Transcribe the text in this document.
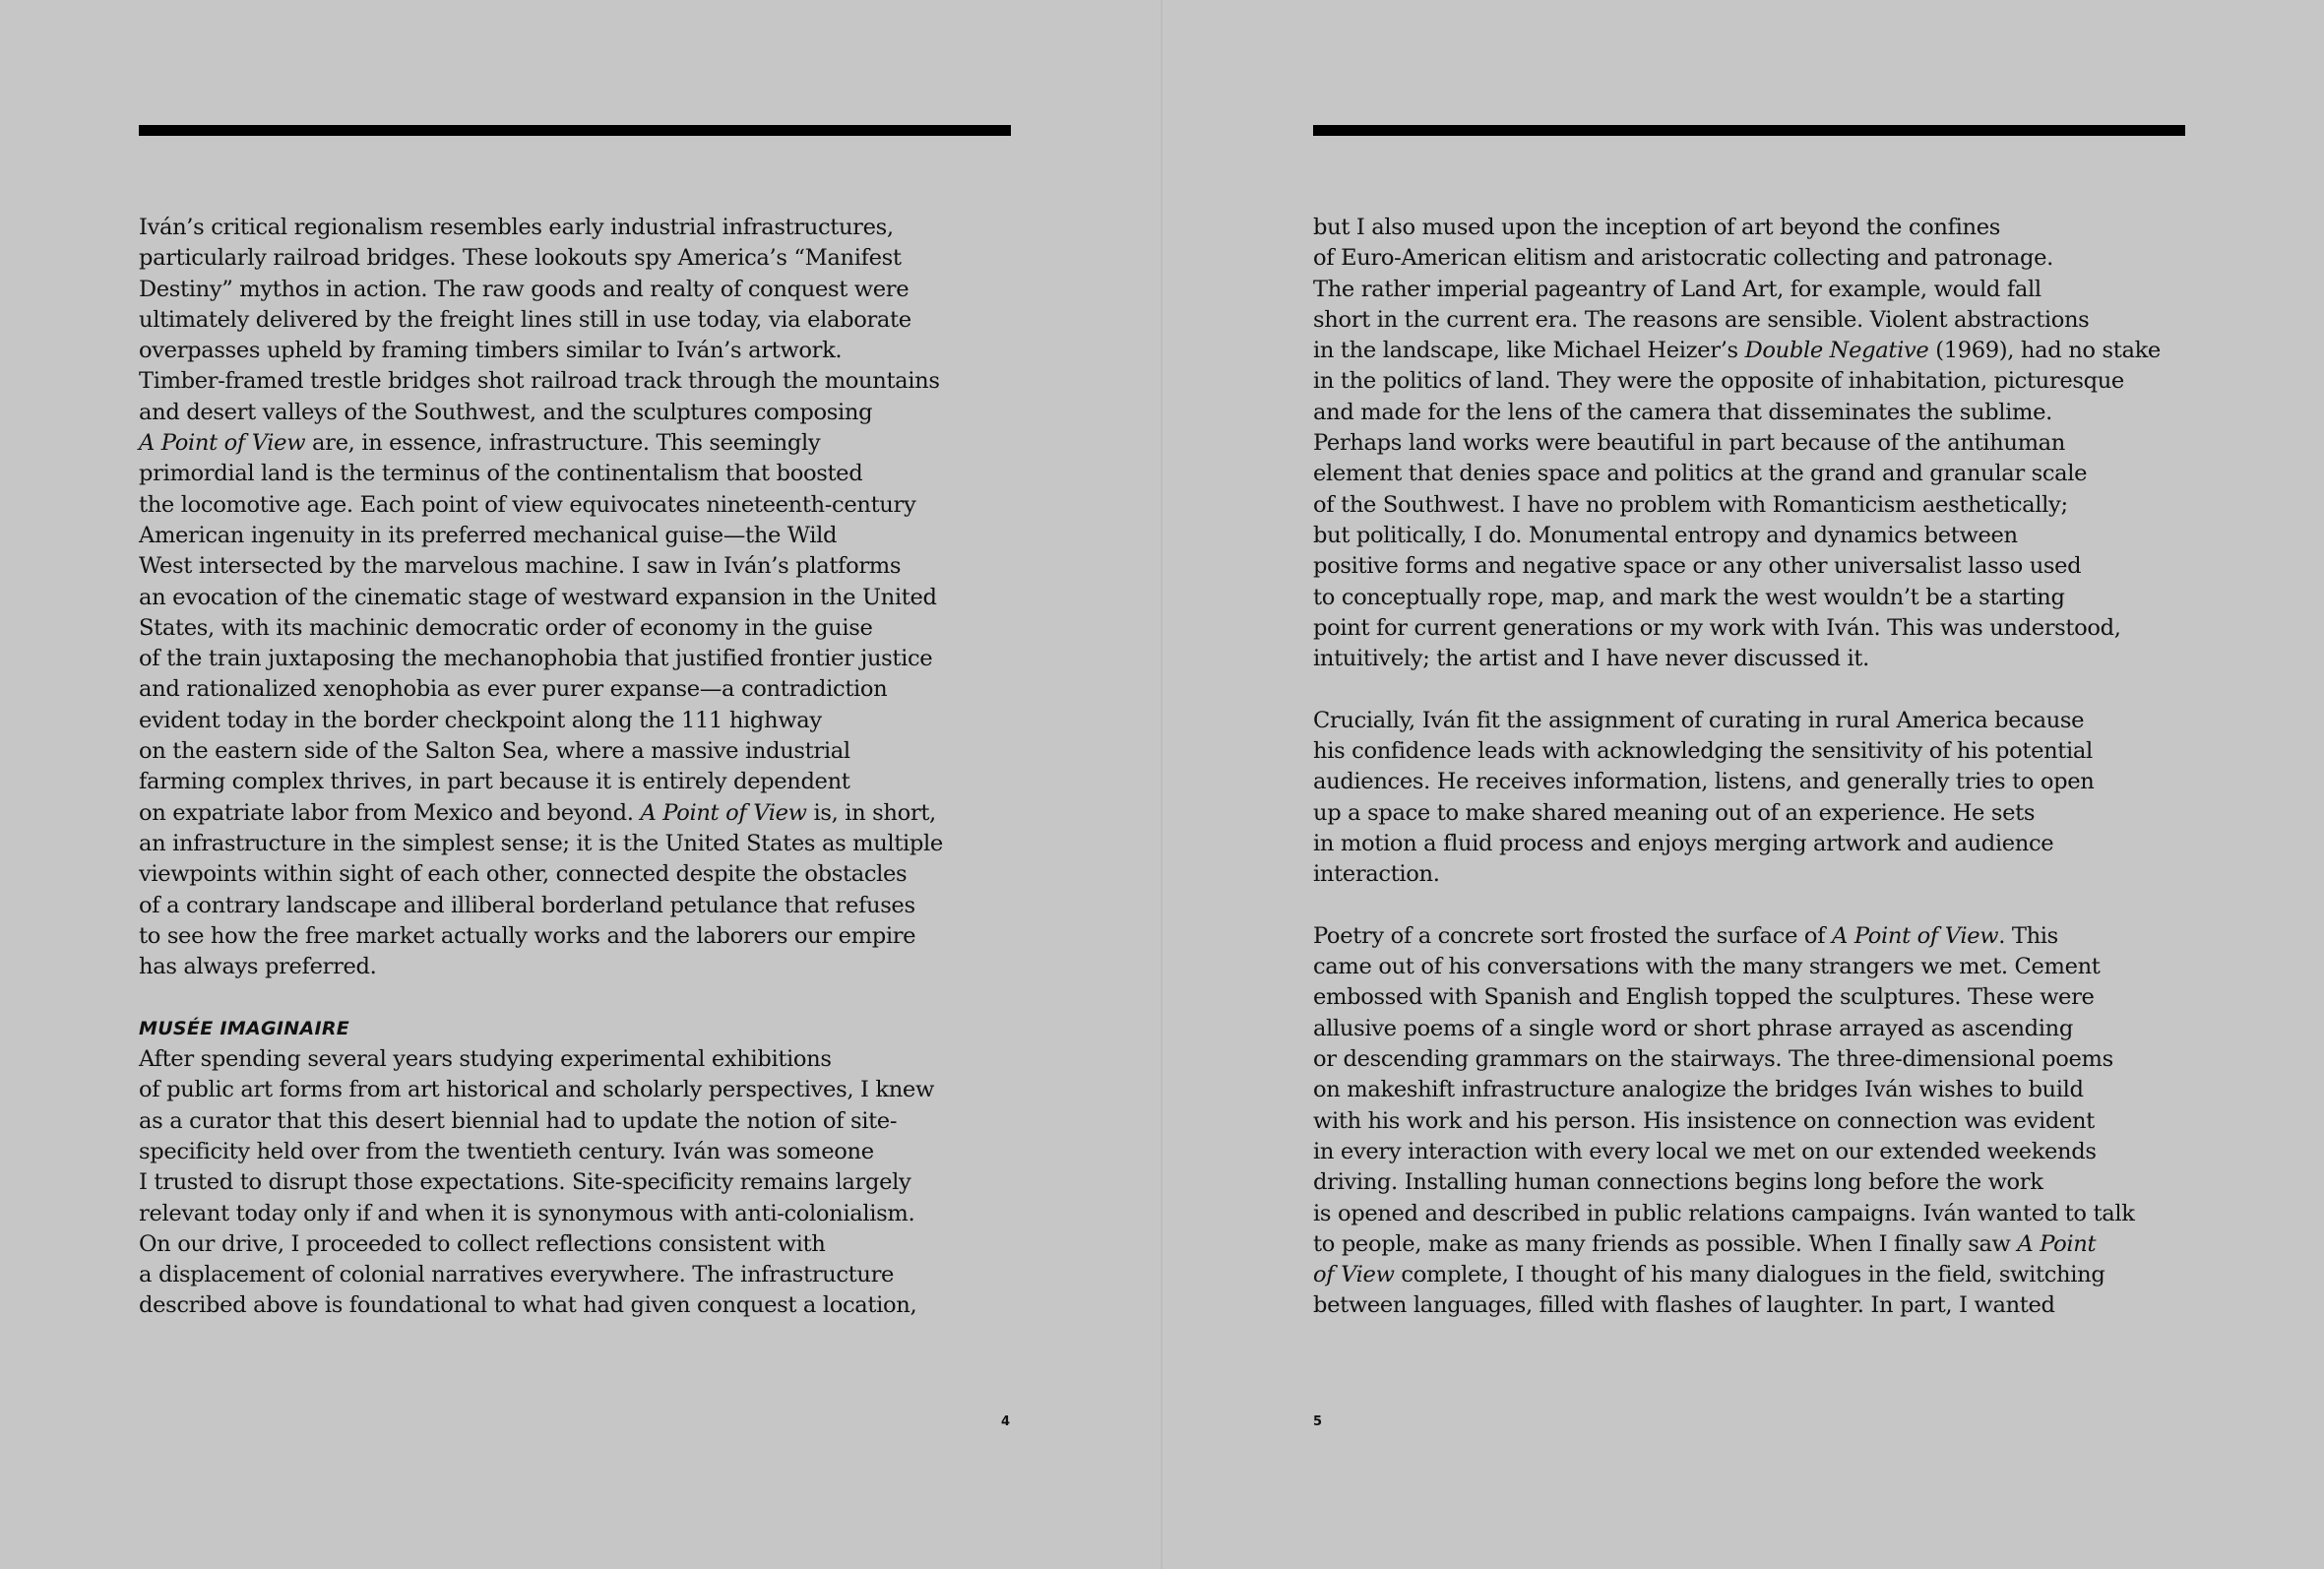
Iván’s critical regionalism resembles early industrial infrastructures,
particularly railroad bridges. These lookouts spy America’s “Manifest
Destiny” mythos in action. The raw goods and realty of conquest were
ultimately delivered by the freight lines still in use today, via elaborate
overpasses upheld by framing timbers similar to Iván’s artwork.
Timber-framed trestle bridges shot railroad track through the mountains
and desert valleys of the Southwest, and the sculptures composing
A Point of View are, in essence, infrastructure. This seemingly
primordial land is the terminus of the continentalism that boosted
the locomotive age. Each point of view equivocates nineteenth-century
American ingenuity in its preferred mechanical guise—the Wild
West intersected by the marvelous machine. I saw in Iván’s platforms
an evocation of the cinematic stage of westward expansion in the United
States, with its machinic democratic order of economy in the guise
of the train juxtaposing the mechanophobia that justified frontier justice
and rationalized xenophobia as ever purer expanse—a contradiction
evident today in the border checkpoint along the 111 highway
on the eastern side of the Salton Sea, where a massive industrial
farming complex thrives, in part because it is entirely dependent
on expatriate labor from Mexico and beyond. A Point of View is, in short,
an infrastructure in the simplest sense; it is the United States as multiple
viewpoints within sight of each other, connected despite the obstacles
of a contrary landscape and illiberal borderland petulance that refuses
to see how the free market actually works and the laborers our empire
has always preferred.
MUSÉE IMAGINAIRE
After spending several years studying experimental exhibitions
of public art forms from art historical and scholarly perspectives, I knew
as a curator that this desert biennial had to update the notion of site-
specificity held over from the twentieth century. Iván was someone
I trusted to disrupt those expectations. Site-specificity remains largely
relevant today only if and when it is synonymous with anti-colonialism.
On our drive, I proceeded to collect reflections consistent with
a displacement of colonial narratives everywhere. The infrastructure
described above is foundational to what had given conquest a location,
4
but I also mused upon the inception of art beyond the confines
of Euro-American elitism and aristocratic collecting and patronage.
The rather imperial pageantry of Land Art, for example, would fall
short in the current era. The reasons are sensible. Violent abstractions
in the landscape, like Michael Heizer’s Double Negative (1969), had no stake
in the politics of land. They were the opposite of inhabitation, picturesque
and made for the lens of the camera that disseminates the sublime.
Perhaps land works were beautiful in part because of the antihuman
element that denies space and politics at the grand and granular scale
of the Southwest. I have no problem with Romanticism aesthetically;
but politically, I do. Monumental entropy and dynamics between
positive forms and negative space or any other universalist lasso used
to conceptually rope, map, and mark the west wouldn’t be a starting
point for current generations or my work with Iván. This was understood,
intuitively; the artist and I have never discussed it.
Crucially, Iván fit the assignment of curating in rural America because
his confidence leads with acknowledging the sensitivity of his potential
audiences. He receives information, listens, and generally tries to open
up a space to make shared meaning out of an experience. He sets
in motion a fluid process and enjoys merging artwork and audience
interaction.
Poetry of a concrete sort frosted the surface of A Point of View. This
came out of his conversations with the many strangers we met. Cement
embossed with Spanish and English topped the sculptures. These were
allusive poems of a single word or short phrase arrayed as ascending
or descending grammars on the stairways. The three-dimensional poems
on makeshift infrastructure analogize the bridges Iván wishes to build
with his work and his person. His insistence on connection was evident
in every interaction with every local we met on our extended weekends
driving. Installing human connections begins long before the work
is opened and described in public relations campaigns. Iván wanted to talk
to people, make as many friends as possible. When I finally saw A Point
of View complete, I thought of his many dialogues in the field, switching
between languages, filled with flashes of laughter. In part, I wanted
5
